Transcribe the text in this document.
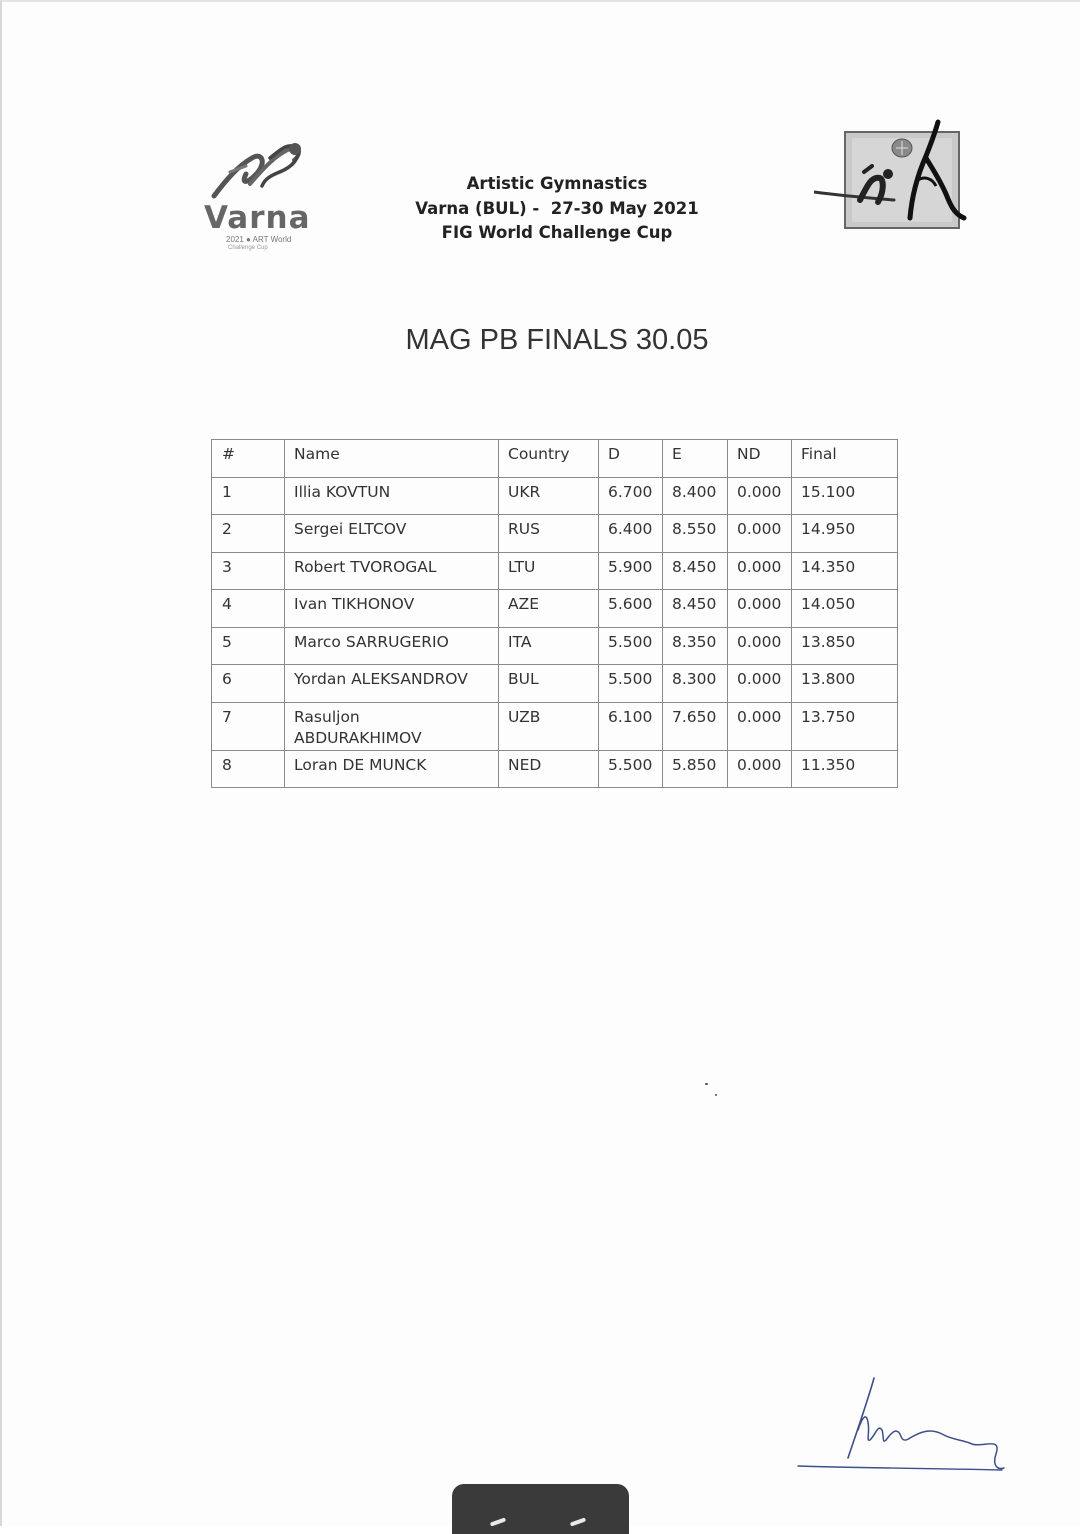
Varna
2021 ● ART World
Challenge Cup
Artistic Gymnastics
Varna (BUL) -  27-30 May 2021
FIG World Challenge Cup
MAG PB FINALS 30.05
#	Name	Country	D	E	ND	Final
1	Illia KOVTUN	UKR	6.700	8.400	0.000	15.100
2	Sergei ELTCOV	RUS	6.400	8.550	0.000	14.950
3	Robert TVOROGAL	LTU	5.900	8.450	0.000	14.350
4	Ivan TIKHONOV	AZE	5.600	8.450	0.000	14.050
5	Marco SARRUGERIO	ITA	5.500	8.350	0.000	13.850
6	Yordan ALEKSANDROV	BUL	5.500	8.300	0.000	13.800
7	Rasuljon
ABDURAKHIMOV	UZB	6.100	7.650	0.000	13.750
8	Loran DE MUNCK	NED	5.500	5.850	0.000	11.350
